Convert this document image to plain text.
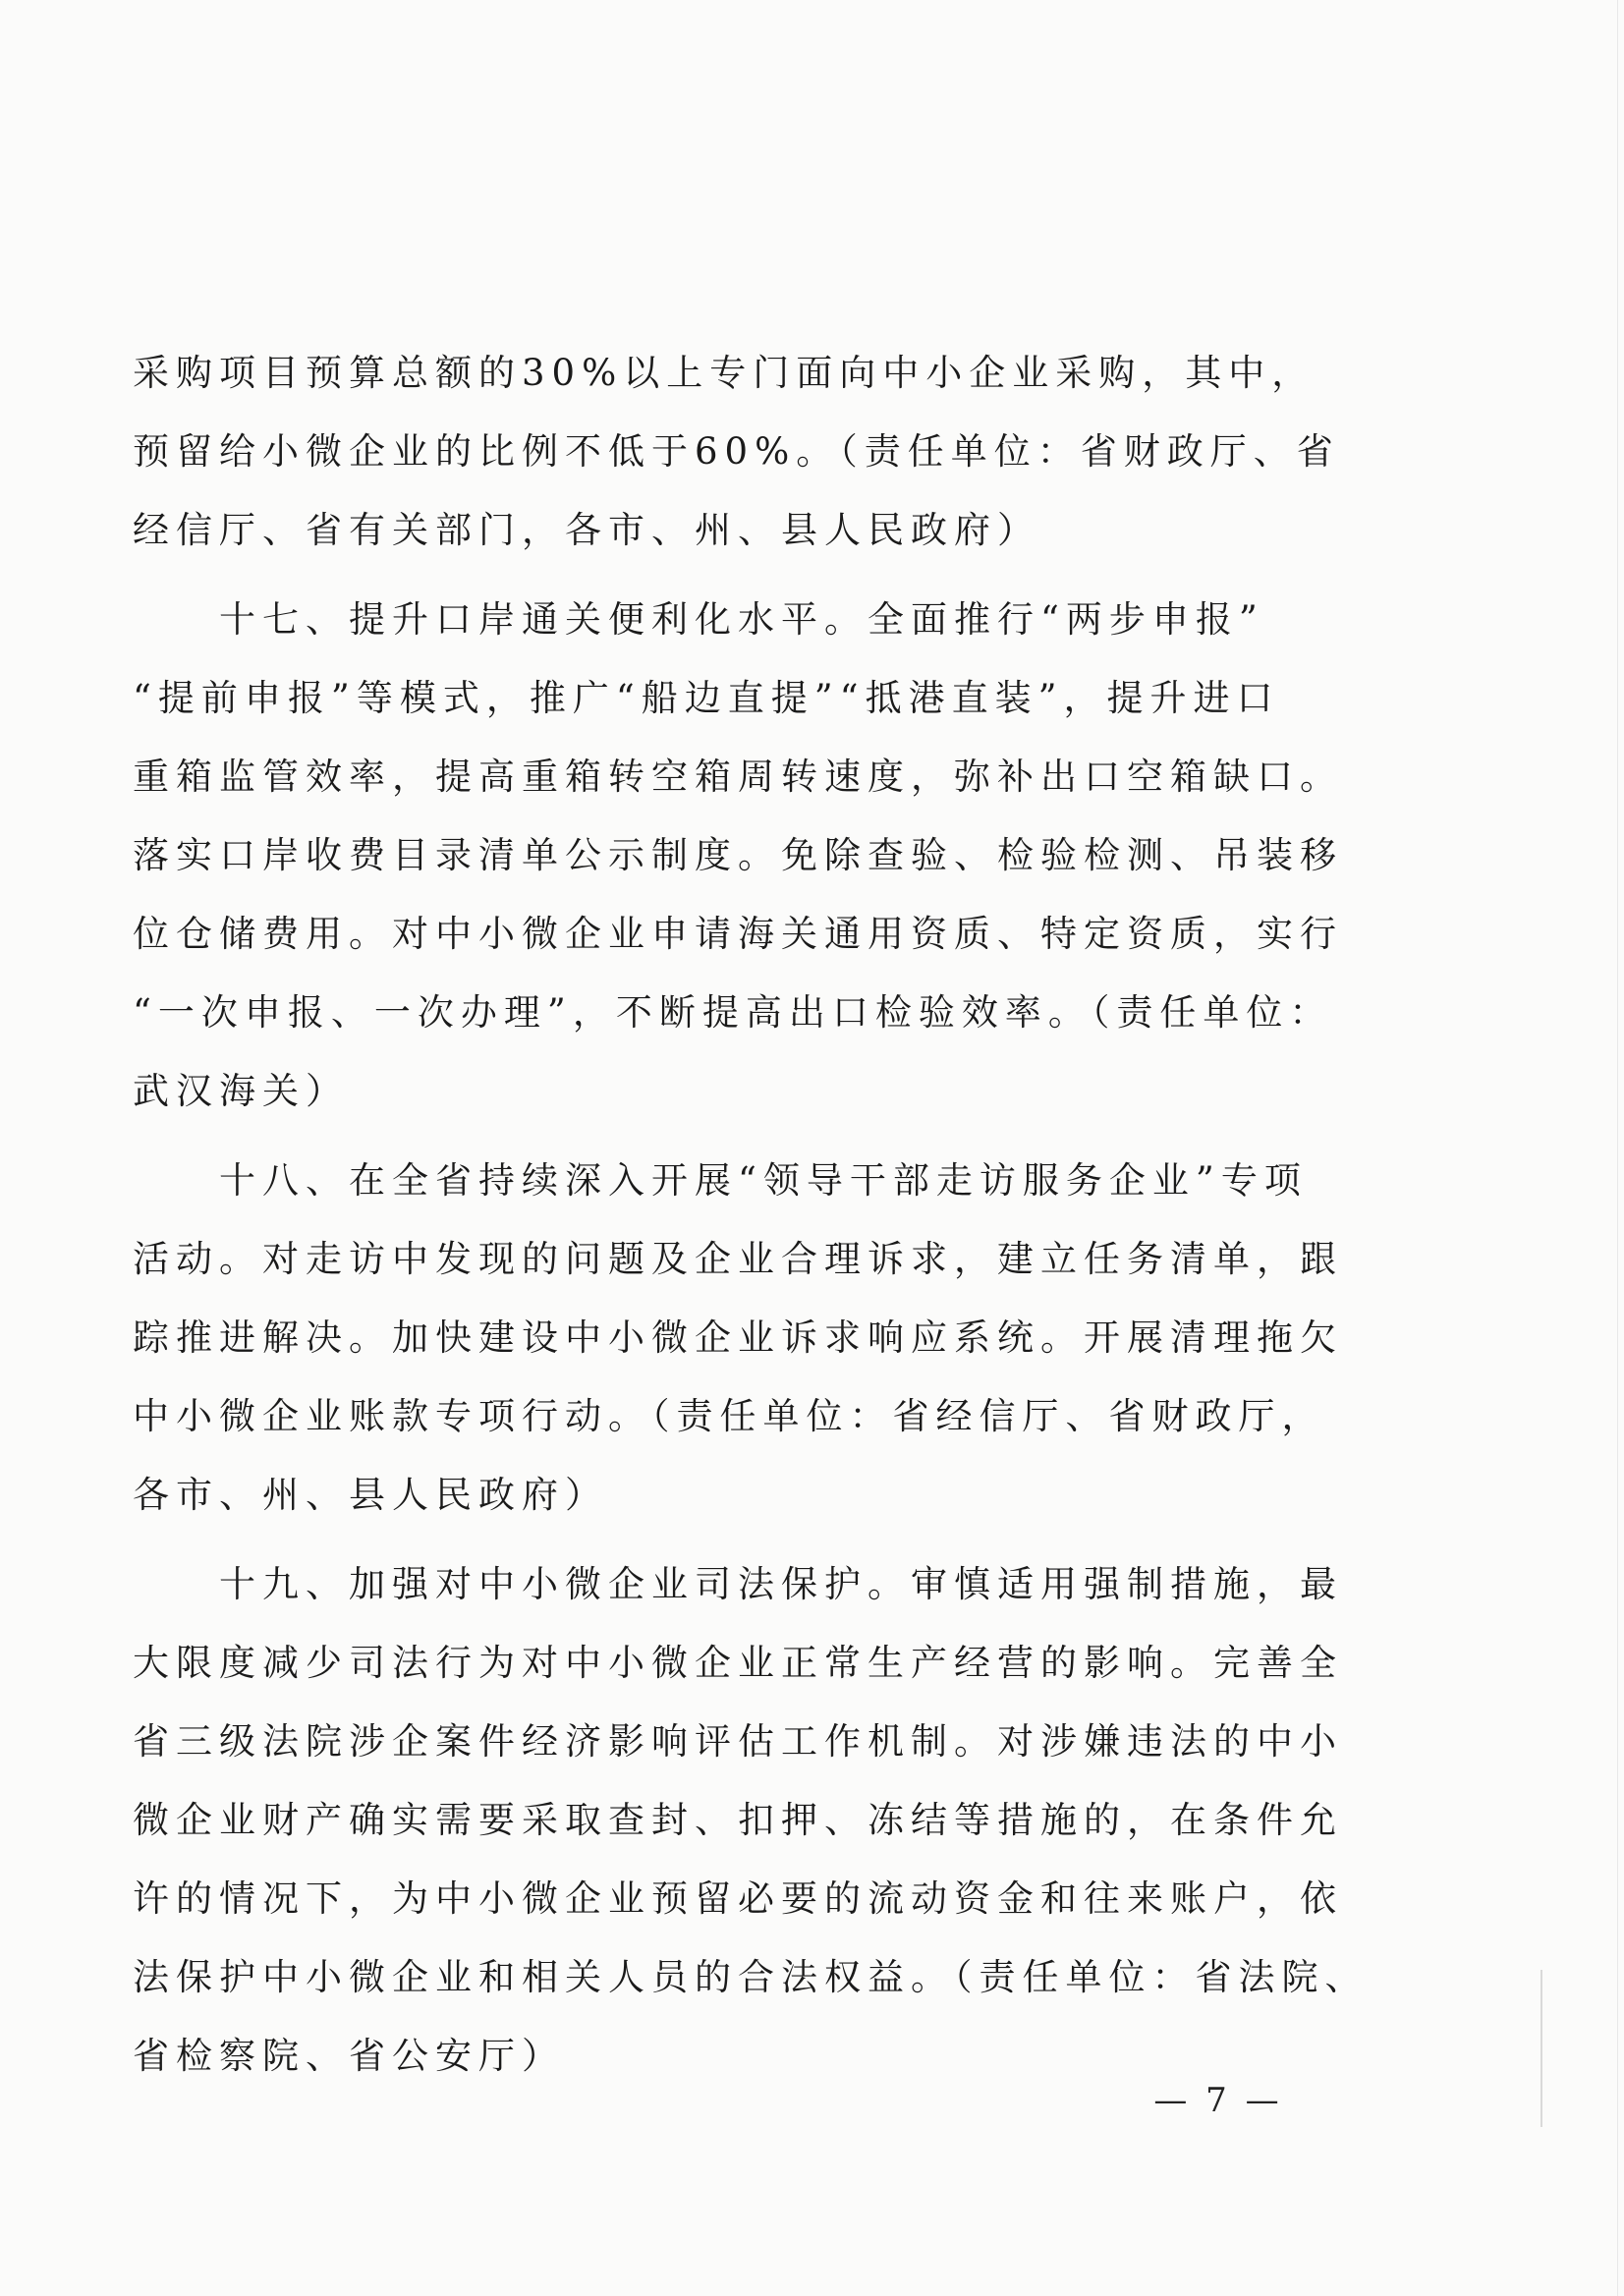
采购项目预算总额的30%以上专门面向中小企业采购，其中，
预留给小微企业的比例不低于60%。（责任单位：省财政厅、省
经信厅、省有关部门，各市、州、县人民政府）
　　十七、提升口岸通关便利化水平。全面推行“两步申报”
“提前申报”等模式，推广“船边直提”“抵港直装”，提升进口
重箱监管效率，提高重箱转空箱周转速度，弥补出口空箱缺口。
落实口岸收费目录清单公示制度。免除查验、检验检测、吊装移
位仓储费用。对中小微企业申请海关通用资质、特定资质，实行
“一次申报、一次办理”，不断提高出口检验效率。（责任单位：
武汉海关）
　　十八、在全省持续深入开展“领导干部走访服务企业”专项
活动。对走访中发现的问题及企业合理诉求，建立任务清单，跟
踪推进解决。加快建设中小微企业诉求响应系统。开展清理拖欠
中小微企业账款专项行动。（责任单位：省经信厅、省财政厅，
各市、州、县人民政府）
　　十九、加强对中小微企业司法保护。审慎适用强制措施，最
大限度减少司法行为对中小微企业正常生产经营的影响。完善全
省三级法院涉企案件经济影响评估工作机制。对涉嫌违法的中小
微企业财产确实需要采取查封、扣押、冻结等措施的，在条件允
许的情况下，为中小微企业预留必要的流动资金和往来账户，依
法保护中小微企业和相关人员的合法权益。（责任单位：省法院、
省检察院、省公安厅）
— 7 —
